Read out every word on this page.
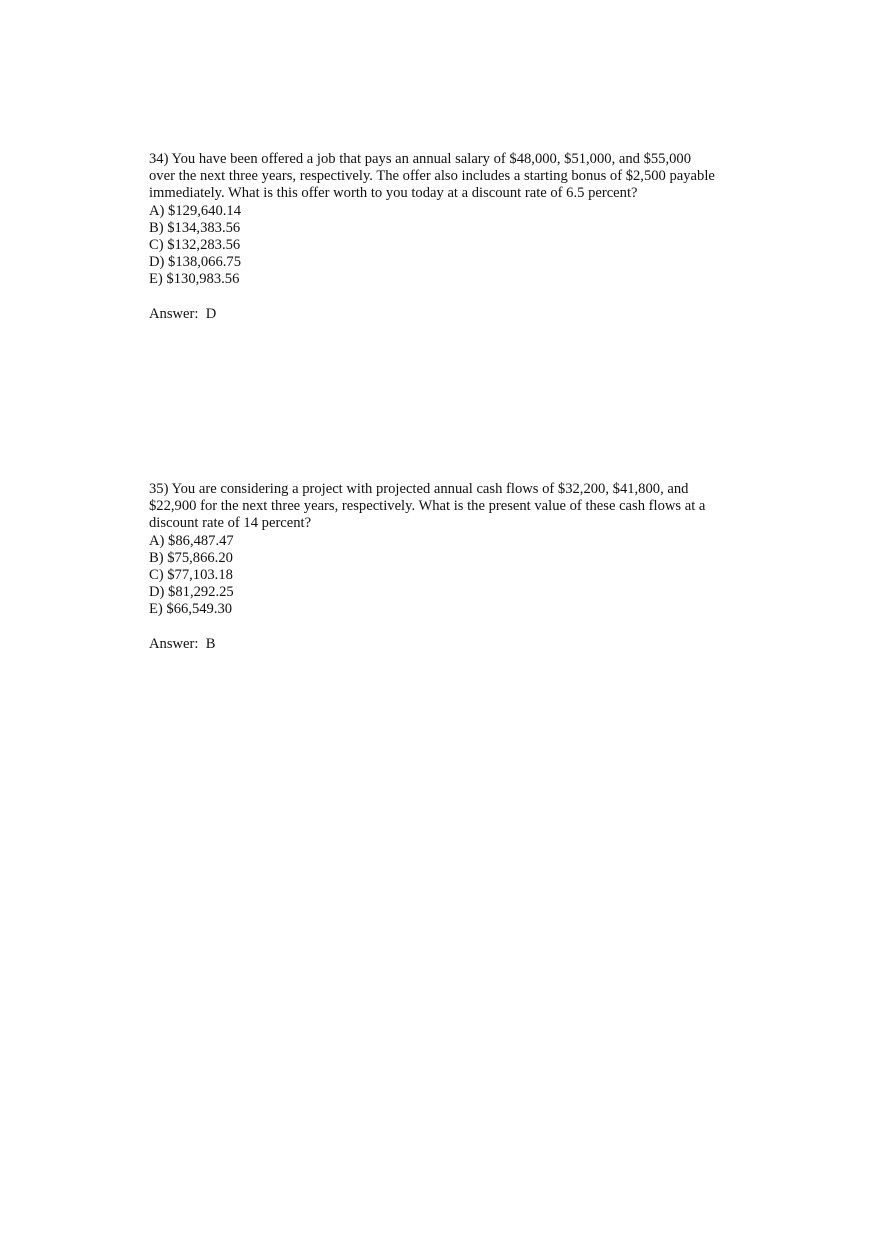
34) You have been offered a job that pays an annual salary of $48,000, $51,000, and $55,000
over the next three years, respectively. The offer also includes a starting bonus of $2,500 payable
immediately. What is this offer worth to you today at a discount rate of 6.5 percent?
A) $129,640.14
B) $134,383.56
C) $132,283.56
D) $138,066.75
E) $130,983.56
Answer:  D
35) You are considering a project with projected annual cash flows of $32,200, $41,800, and
$22,900 for the next three years, respectively. What is the present value of these cash flows at a
discount rate of 14 percent?
A) $86,487.47
B) $75,866.20
C) $77,103.18
D) $81,292.25
E) $66,549.30
Answer:  B
